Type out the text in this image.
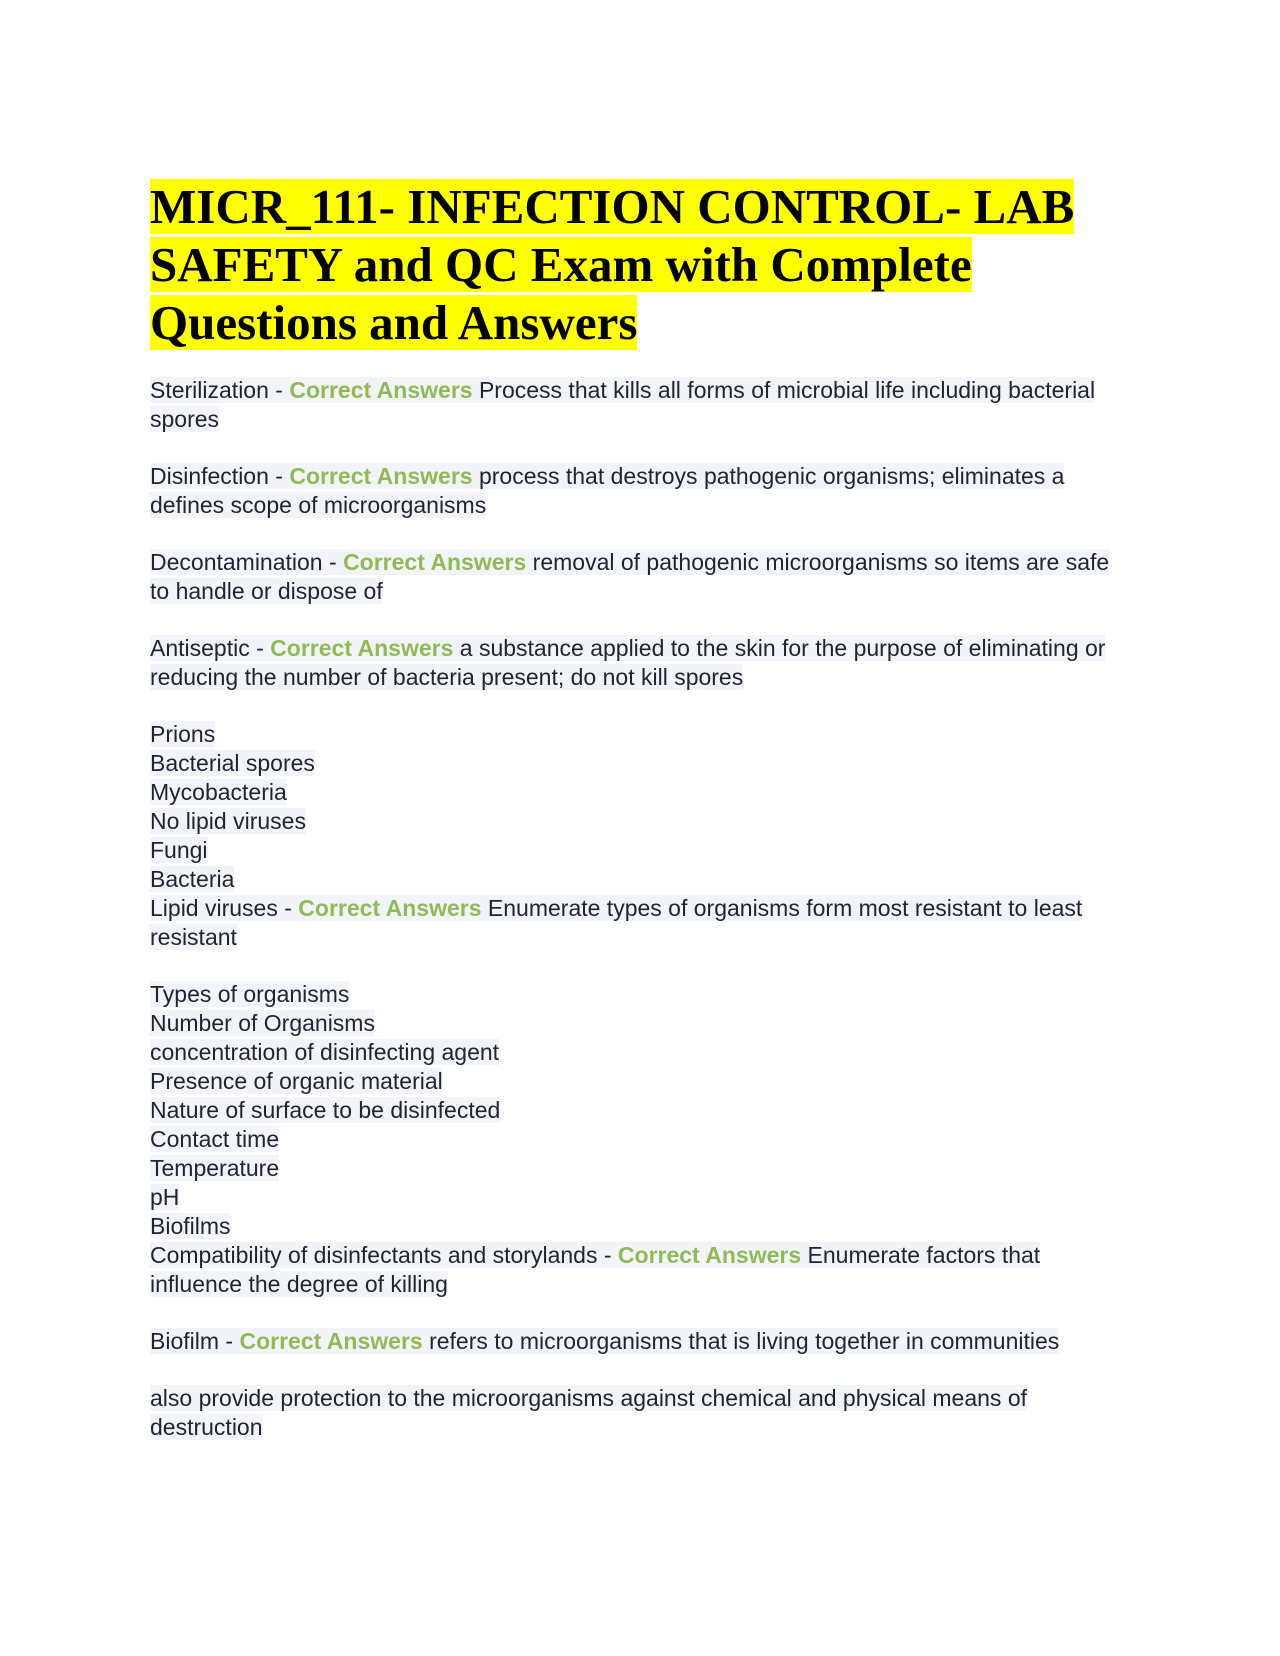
MICR_111- INFECTION CONTROL- LAB SAFETY and QC Exam with Complete Questions and Answers

Sterilization - Correct Answers Process that kills all forms of microbial life including bacterial spores

Disinfection - Correct Answers process that destroys pathogenic organisms; eliminates a defines scope of microorganisms

Decontamination - Correct Answers removal of pathogenic microorganisms so items are safe to handle or dispose of

Antiseptic - Correct Answers a substance applied to the skin for the purpose of eliminating or reducing the number of bacteria present; do not kill spores

Prions
Bacterial spores
Mycobacteria
No lipid viruses
Fungi
Bacteria
Lipid viruses - Correct Answers Enumerate types of organisms form most resistant to least resistant

Types of organisms
Number of Organisms
concentration of disinfecting agent
Presence of organic material
Nature of surface to be disinfected
Contact time
Temperature
pH
Biofilms
Compatibility of disinfectants and storylands - Correct Answers Enumerate factors that influence the degree of killing

Biofilm - Correct Answers refers to microorganisms that is living together in communities

also provide protection to the microorganisms against chemical and physical means of destruction
